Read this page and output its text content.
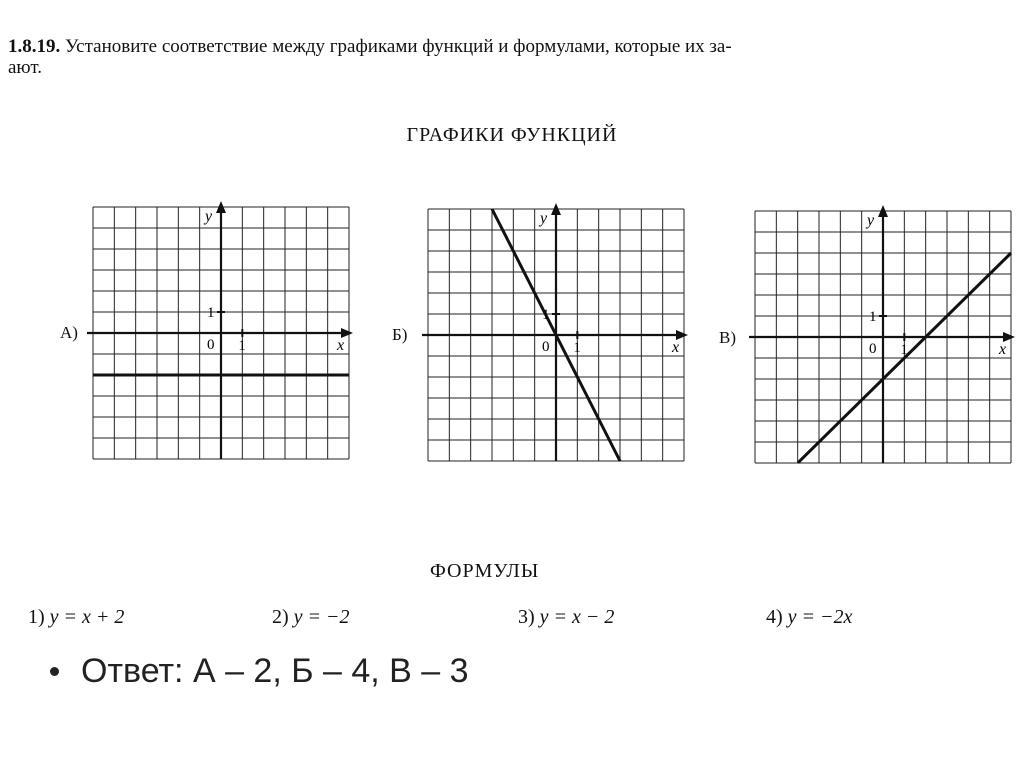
1.8.19. Установите соответствие между графиками функций и формулами, которые их за-
ают.
ГРАФИКИ ФУНКЦИЙ
А)
1
1
0	x
y
Б)
1
1
0	x
y
В)
1
1
0	x
y
ФОРМУЛЫ
1) y = x + 2	2) y = −2	3) y = x − 2	4) y = −2x
Ответ: А – 2, Б – 4, В – 3
